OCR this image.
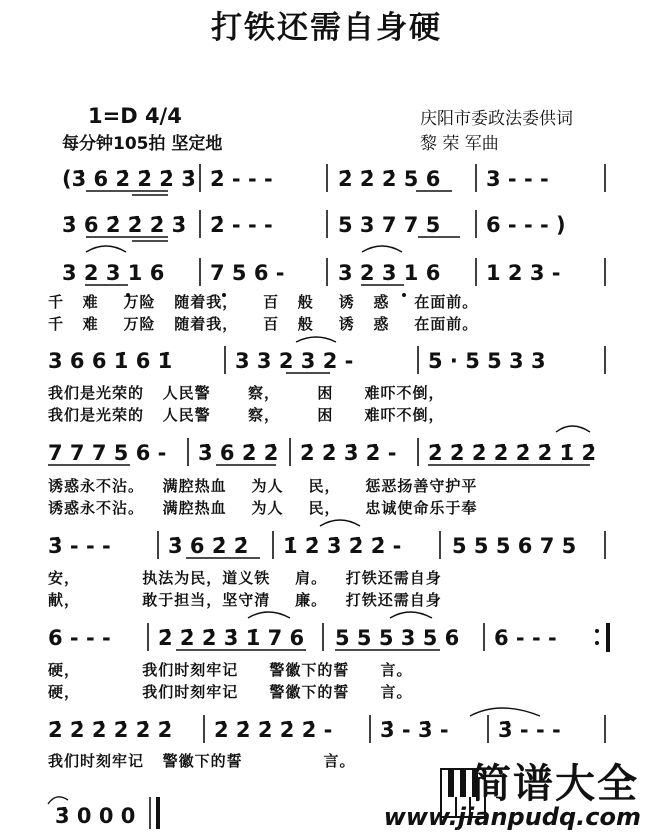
打铁还需自身硬
1=D 4/4
每分钟105拍 坚定地
庆阳市委政法委供词
黎 荣 军曲
(3̇ 6 2̇ 2̇ 2̇ 3̇ 2̇ - - -	2̇ 2̇ 2̇ 5 6 3 - - -
3̇ 6 2̇ 2̇ 2̇ 3̇ 2̇ - - -	5 3 7 7 5 6 - - - )
3 2 3 1 6 7 5 6 -	3 2 3 1 6 1 2 3 -
3 6 6 1̇ 6 1̇	3 3 2 3 2 -	5 · 5 5 3 3
7 7 7 5 6 - 3̇ 6 2̇ 2̇ 2̇ 2̇ 3̇ 2̇ - 2̇ 2̇ 2̇ 2̇ 2̇ 2̇ 1̇ 2̇
3̇ - - -	3̇ 6 2̇ 2̇ 1̇ 2̇ 3̇ 2̇ 2̇ - 5 5 5 6 7 5
6 - - - 2̇ 2̇ 2̇ 3̇ 1̇ 7 6 5 5 5 3 5 6 6 - - -
2̇ 2̇ 2̇ 2̇ 2̇ 2̇ 2̇ 2̇ 2̇ 2̇ 2̇ - 3̇ - 3̇ - 3̇ - - -
3̇ 0 0 0
千   难    万险   随着我，    百   般    诱   惑    在面前。
千   难    万险   随着我，    百   般    诱   惑    在面前。
我们是光荣的   人民警      察，      困     难吓不倒，
我们是光荣的   人民警      察，      困     难吓不倒，
诱惑永不沾。   满腔热血    为人    民，    惩恶扬善守护平
诱惑永不沾。   满腔热血    为人    民，    忠诚使命乐于奉
安，          执法为民，道义铁    肩。   打铁还需自身
献，          敢于担当，坚守清    廉。   打铁还需自身
硬，          我们时刻牢记     警徽下的誓     言。
硬，          我们时刻牢记     警徽下的誓     言。
我们时刻牢记   警徽下的誓             言。	简谱大全
www.jianpudq.com
